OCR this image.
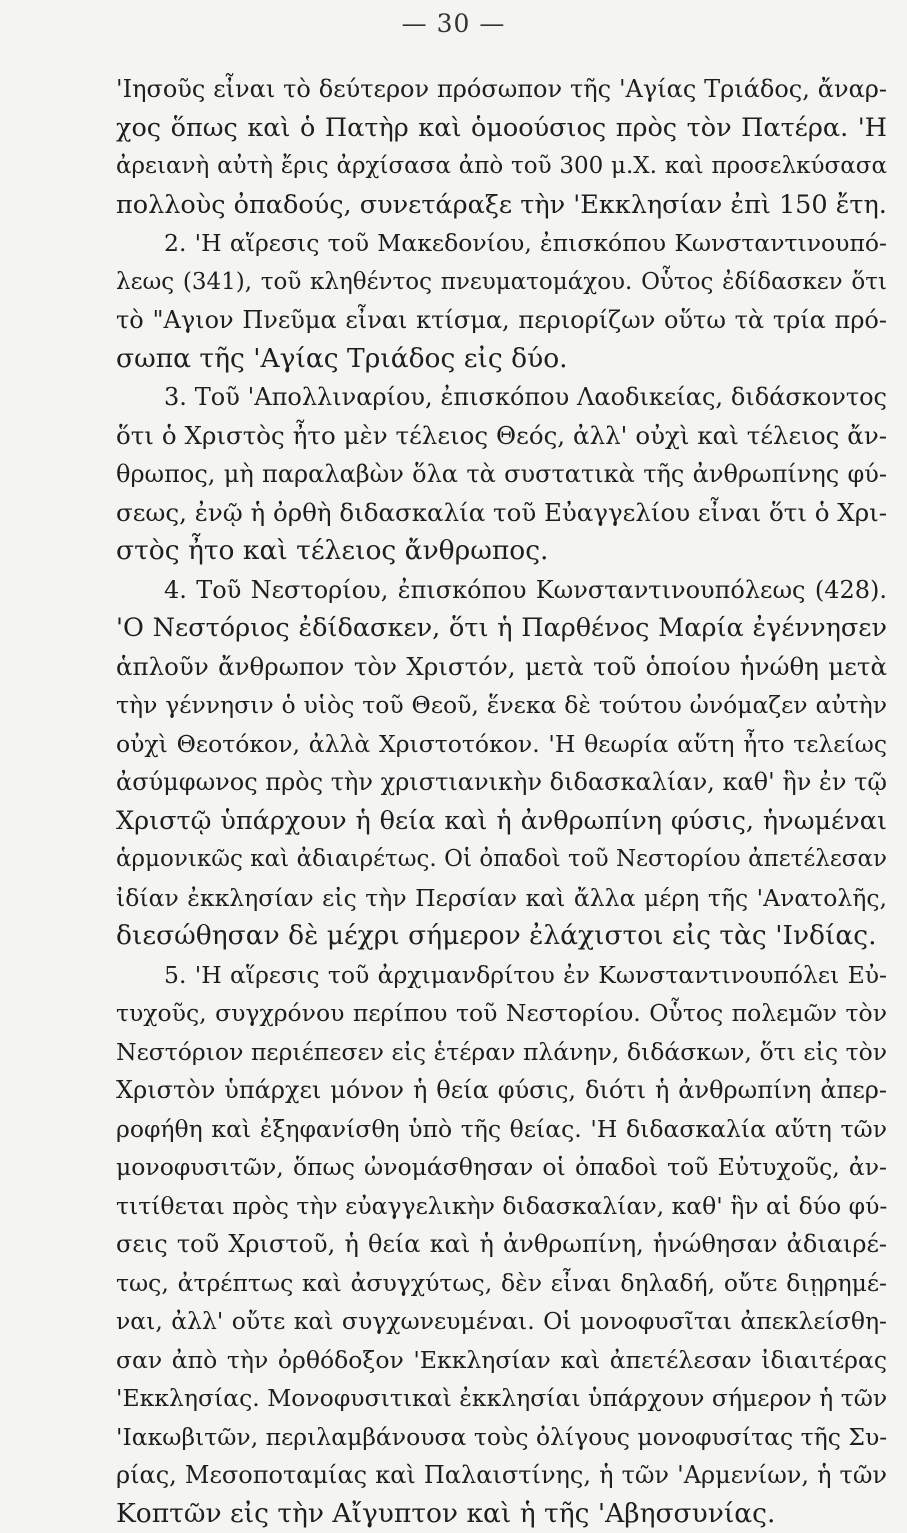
— 30 —
'Ιησοῦς εἶναι τὸ δεύτερον πρόσωπον τῆς 'Αγίας Τριάδος, ἄναρ-
χος ὅπως καὶ ὁ Πατὴρ καὶ ὁμοούσιος πρὸς τὸν Πατέρα. 'Η
ἀρειανὴ αὐτὴ ἔρις ἀρχίσασα ἀπὸ τοῦ 300 μ.Χ. καὶ προσελκύσασα
πολλοὺς ὀπαδούς, συνετάραξε τὴν 'Εκκλησίαν ἐπὶ 150 ἔτη.
2. 'Η αἵρεσις τοῦ Μακεδονίου, ἐπισκόπου Κωνσταντινουπό-
λεως (341), τοῦ κληθέντος πνευματομάχου. Οὗτος ἐδίδασκεν ὅτι
τὸ "Αγιον Πνεῦμα εἶναι κτίσμα, περιορίζων οὕτω τὰ τρία πρό-
σωπα τῆς 'Αγίας Τριάδος εἰς δύο.
3. Τοῦ 'Απολλιναρίου, ἐπισκόπου Λαοδικείας, διδάσκοντος
ὅτι ὁ Χριστὸς ἦτο μὲν τέλειος Θεός, ἀλλ' οὐχὶ καὶ τέλειος ἄν-
θρωπος, μὴ παραλαβὼν ὅλα τὰ συστατικὰ τῆς ἀνθρωπίνης φύ-
σεως, ἐνῷ ἡ ὀρθὴ διδασκαλία τοῦ Εὐαγγελίου εἶναι ὅτι ὁ Χρι-
στὸς ἦτο καὶ τέλειος ἄνθρωπος.
4. Τοῦ Νεστορίου, ἐπισκόπου Κωνσταντινουπόλεως (428).
'Ο Νεστόριος ἐδίδασκεν, ὅτι ἡ Παρθένος Μαρία ἐγέννησεν
ἁπλοῦν ἄνθρωπον τὸν Χριστόν, μετὰ τοῦ ὁποίου ἡνώθη μετὰ
τὴν γέννησιν ὁ υἱὸς τοῦ Θεοῦ, ἕνεκα δὲ τούτου ὠνόμαζεν αὐτὴν
οὐχὶ Θεοτόκον, ἀλλὰ Χριστοτόκον. 'Η θεωρία αὕτη ἦτο τελείως
ἀσύμφωνος πρὸς τὴν χριστιανικὴν διδασκαλίαν, καθ' ἣν ἐν τῷ
Χριστῷ ὑπάρχουν ἡ θεία καὶ ἡ ἀνθρωπίνη φύσις, ἡνωμέναι
ἁρμονικῶς καὶ ἀδιαιρέτως. Οἱ ὀπαδοὶ τοῦ Νεστορίου ἀπετέλεσαν
ἰδίαν ἐκκλησίαν εἰς τὴν Περσίαν καὶ ἄλλα μέρη τῆς 'Ανατολῆς,
διεσώθησαν δὲ μέχρι σήμερον ἐλάχιστοι εἰς τὰς 'Ινδίας.
5. 'Η αἵρεσις τοῦ ἀρχιμανδρίτου ἐν Κωνσταντινουπόλει Εὐ-
τυχοῦς, συγχρόνου περίπου τοῦ Νεστορίου. Οὗτος πολεμῶν τὸν
Νεστόριον περιέπεσεν εἰς ἑτέραν πλάνην, διδάσκων, ὅτι εἰς τὸν
Χριστὸν ὑπάρχει μόνον ἡ θεία φύσις, διότι ἡ ἀνθρωπίνη ἀπερ-
ροφήθη καὶ ἐξηφανίσθη ὑπὸ τῆς θείας. 'Η διδασκαλία αὕτη τῶν
μονοφυσιτῶν, ὅπως ὠνομάσθησαν οἱ ὀπαδοὶ τοῦ Εὐτυχοῦς, ἀν-
τιτίθεται πρὸς τὴν εὐαγγελικὴν διδασκαλίαν, καθ' ἣν αἱ δύο φύ-
σεις τοῦ Χριστοῦ, ἡ θεία καὶ ἡ ἀνθρωπίνη, ἡνώθησαν ἀδιαιρέ-
τως, ἀτρέπτως καὶ ἀσυγχύτως, δὲν εἶναι δηλαδή, οὔτε διῃρημέ-
ναι, ἀλλ' οὔτε καὶ συγχωνευμέναι. Οἱ μονοφυσῖται ἀπεκλείσθη-
σαν ἀπὸ τὴν ὀρθόδοξον 'Εκκλησίαν καὶ ἀπετέλεσαν ἰδιαιτέρας
'Εκκλησίας. Μονοφυσιτικαὶ ἐκκλησίαι ὑπάρχουν σήμερον ἡ τῶν
'Ιακωβιτῶν, περιλαμβάνουσα τοὺς ὀλίγους μονοφυσίτας τῆς Συ-
ρίας, Μεσοποταμίας καὶ Παλαιστίνης, ἡ τῶν 'Αρμενίων, ἡ τῶν
Κοπτῶν εἰς τὴν Αἴγυπτον καὶ ἡ τῆς 'Αβησσυνίας.
